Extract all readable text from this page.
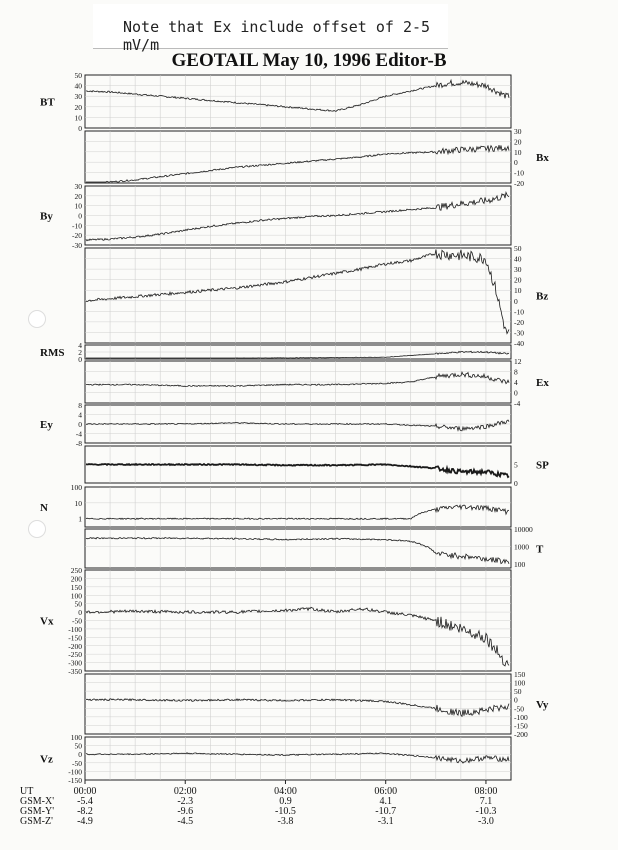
Note that Ex include offset of 2-5 mV/m
GEOTAIL May 10, 1996 Editor-B
50
40
30
20
10
0
BT
30
20
10
0
-10
-20
Bx
30
20
10
0
-10
-20
-30
By
50
40
30
20
10
0
-10
-20
-30
-40
Bz
4
2
0
RMS
12
8
4
0
-4
Ex
8
4
0
-4
-8
Ey
5
0
SP
100
10
1
N
10000
1000
100
T
250
200
150
100
50
0
-50
-100
-150
-200
-250
-300
-350
Vx
150
100
50
0
-50
-100
-150
-200
Vy
100
50
0
-50
-100
-150
Vz
UT	00:00	02:00	04:00	06:00	08:00
GSM-X'	-5.4	-2.3	0.9	4.1	7.1
GSM-Y'	-8.2	-9.6	-10.5	-10.7	-10.3
GSM-Z'	-4.9	-4.5	-3.8	-3.1	-3.0
